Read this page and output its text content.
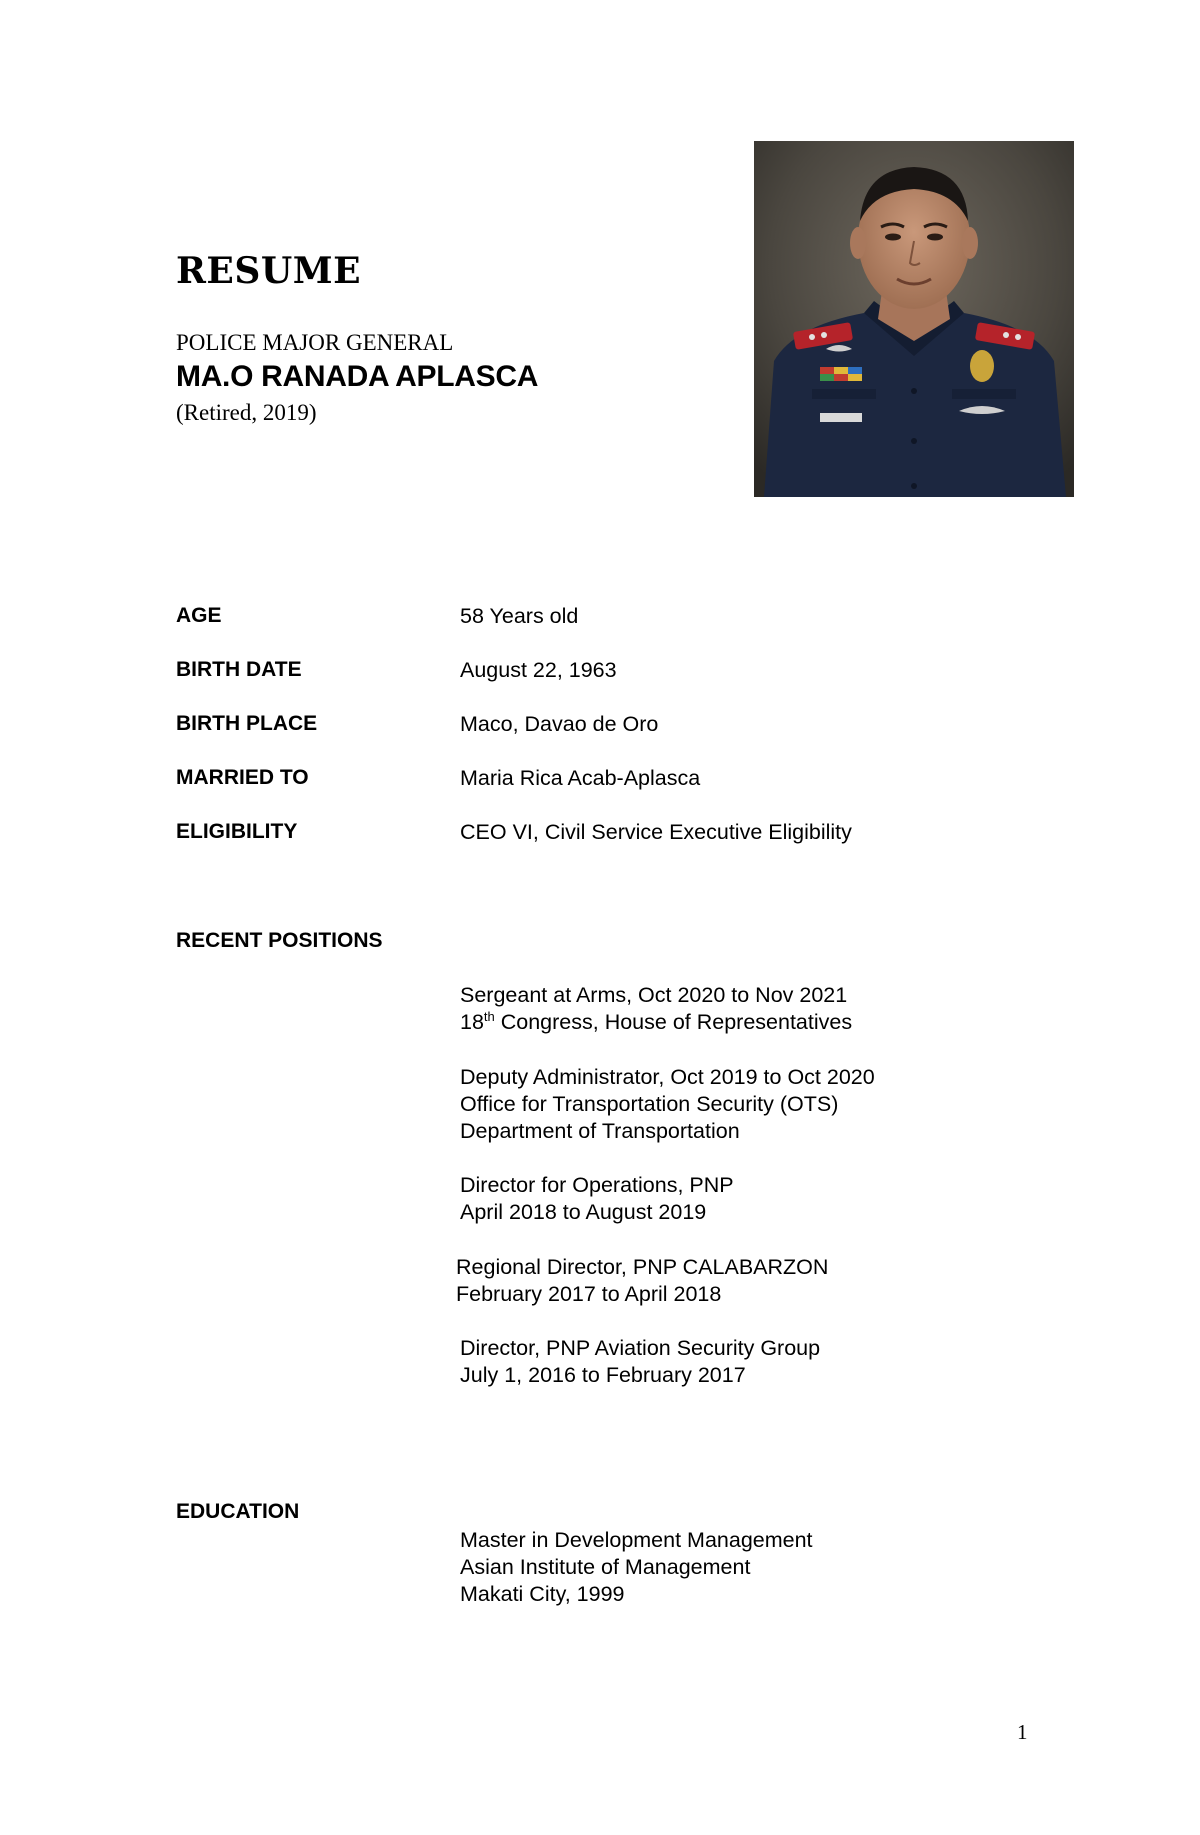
RESUME
POLICE MAJOR GENERAL
MA.O RANADA APLASCA
(Retired, 2019)
AGE	58 Years old
BIRTH DATE	August 22, 1963
BIRTH PLACE	Maco, Davao de Oro
MARRIED TO	Maria Rica Acab-Aplasca
ELIGIBILITY	CEO VI, Civil Service Executive Eligibility
RECENT POSITIONS
Sergeant at Arms, Oct 2020 to Nov 2021
18th Congress, House of Representatives
Deputy Administrator, Oct 2019 to Oct 2020
Office for Transportation Security (OTS)
Department of Transportation
Director for Operations, PNP
April 2018 to August 2019
Regional Director, PNP CALABARZON
February 2017 to April 2018
Director, PNP Aviation Security Group
July 1, 2016 to February 2017
EDUCATION
Master in Development Management
Asian Institute of Management
Makati City, 1999
1
